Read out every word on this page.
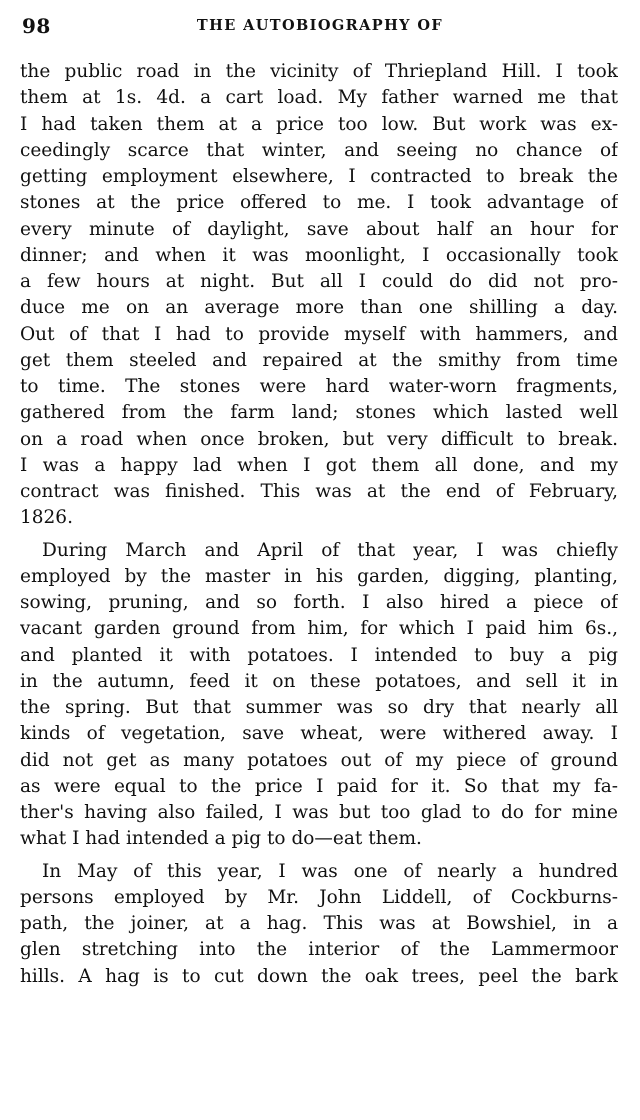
98	THE AUTOBIOGRAPHY OF
the public road in the vicinity of Thriepland Hill. I took
them at 1s. 4d. a cart load. My father warned me that
I had taken them at a price too low. But work was ex-
ceedingly scarce that winter, and seeing no chance of
getting employment elsewhere, I contracted to break the
stones at the price offered to me. I took advantage of
every minute of daylight, save about half an hour for
dinner; and when it was moonlight, I occasionally took
a few hours at night. But all I could do did not pro-
duce me on an average more than one shilling a day.
Out of that I had to provide myself with hammers, and
get them steeled and repaired at the smithy from time
to time. The stones were hard water-worn fragments,
gathered from the farm land; stones which lasted well
on a road when once broken, but very difficult to break.
I was a happy lad when I got them all done, and my
contract was finished. This was at the end of February,
1826.
During March and April of that year, I was chiefly
employed by the master in his garden, digging, planting,
sowing, pruning, and so forth. I also hired a piece of
vacant garden ground from him, for which I paid him 6s.,
and planted it with potatoes. I intended to buy a pig
in the autumn, feed it on these potatoes, and sell it in
the spring. But that summer was so dry that nearly all
kinds of vegetation, save wheat, were withered away. I
did not get as many potatoes out of my piece of ground
as were equal to the price I paid for it. So that my fa-
ther's having also failed, I was but too glad to do for mine
what I had intended a pig to do—eat them.
In May of this year, I was one of nearly a hundred
persons employed by Mr. John Liddell, of Cockburns-
path, the joiner, at a hag. This was at Bowshiel, in a
glen stretching into the interior of the Lammermoor
hills. A hag is to cut down the oak trees, peel the bark
